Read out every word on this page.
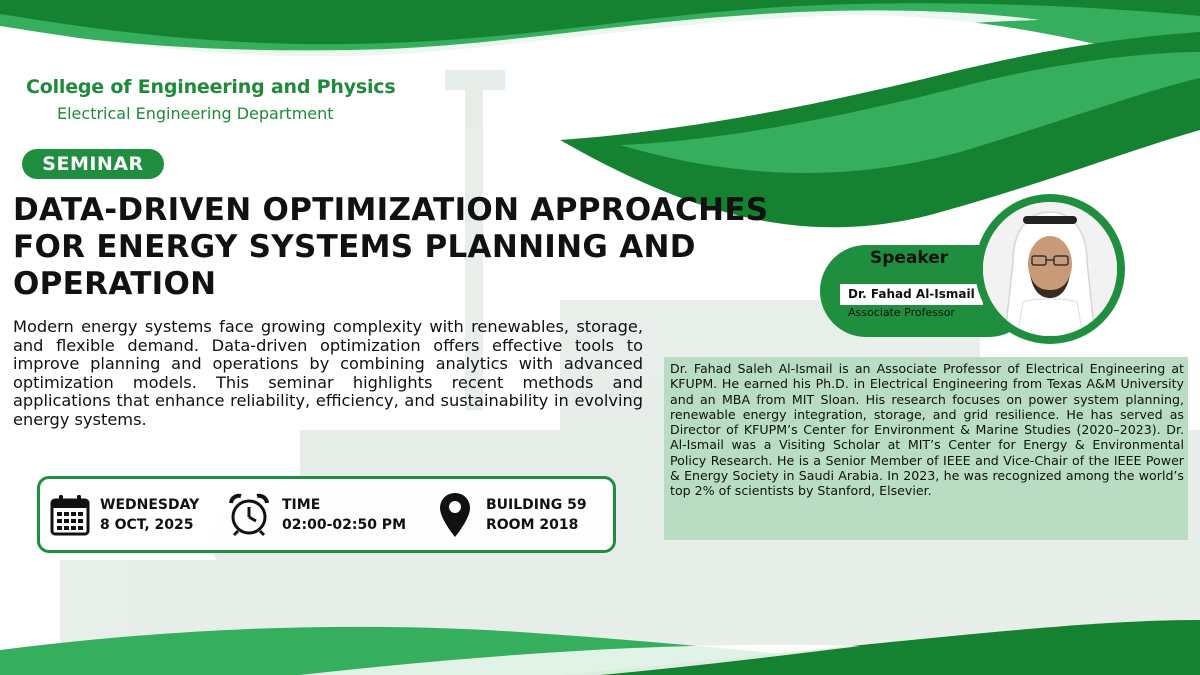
College of Engineering and Physics
Electrical Engineering Department
SEMINAR
DATA-DRIVEN OPTIMIZATION APPROACHES FOR ENERGY SYSTEMS PLANNING AND OPERATION
Modern energy systems face growing complexity with renewables, storage, and flexible demand. Data-driven optimization offers effective tools to improve planning and operations by combining analytics with advanced optimization models. This seminar highlights recent methods and applications that enhance reliability, efficiency, and sustainability in evolving energy systems.
WEDNESDAY
8 OCT, 2025
TIME
02:00-02:50 PM
BUILDING 59
ROOM 2018
Speaker
Dr. Fahad Al-Ismail
Associate Professor
Dr. Fahad Saleh Al-Ismail is an Associate Professor of Electrical Engineering at KFUPM. He earned his Ph.D. in Electrical Engineering from Texas A&M University and an MBA from MIT Sloan. His research focuses on power system planning, renewable energy integration, storage, and grid resilience. He has served as Director of KFUPM’s Center for Environment & Marine Studies (2020–2023). Dr. Al-Ismail was a Visiting Scholar at MIT’s Center for Energy & Environmental Policy Research. He is a Senior Member of IEEE and Vice-Chair of the IEEE Power & Energy Society in Saudi Arabia. In 2023, he was recognized among the world’s top 2% of scientists by Stanford, Elsevier.
